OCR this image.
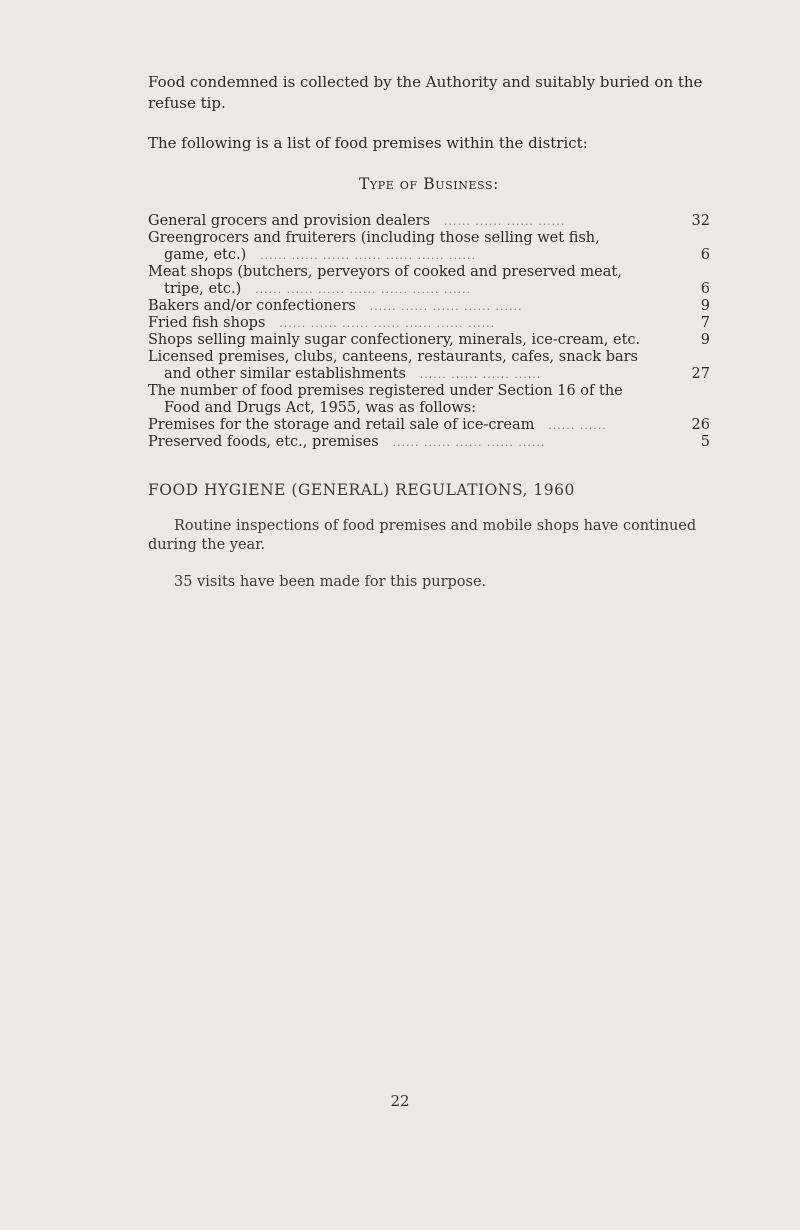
Food condemned is collected by the Authority and suitably buried on the refuse tip.

The following is a list of food premises within the district:

Type of Business:
General grocers and provision dealers ...... ...... ...... ......	32
Greengrocers and fruiterers (including those selling wet fish,
game, etc.) ...... ...... ...... ...... ...... ...... ......	6
Meat shops (butchers, perveyors of cooked and preserved meat,
tripe, etc.) ...... ...... ...... ...... ...... ...... ......	6
Bakers and/or confectioners ...... ...... ...... ...... ......	9
Fried fish shops ...... ...... ...... ...... ...... ...... ......	7
Shops selling mainly sugar confectionery, minerals, ice-cream, etc.	9
Licensed premises, clubs, canteens, restaurants, cafes, snack bars
and other similar establishments ...... ...... ...... ......	27
The number of food premises registered under Section 16 of the
Food and Drugs Act, 1955, was as follows:
Premises for the storage and retail sale of ice-cream ...... ......	26
Preserved foods, etc., premises ...... ...... ...... ...... ......	5
FOOD HYGIENE (GENERAL) REGULATIONS, 1960

Routine inspections of food premises and mobile shops have continued during the year.

35 visits have been made for this purpose.

22
